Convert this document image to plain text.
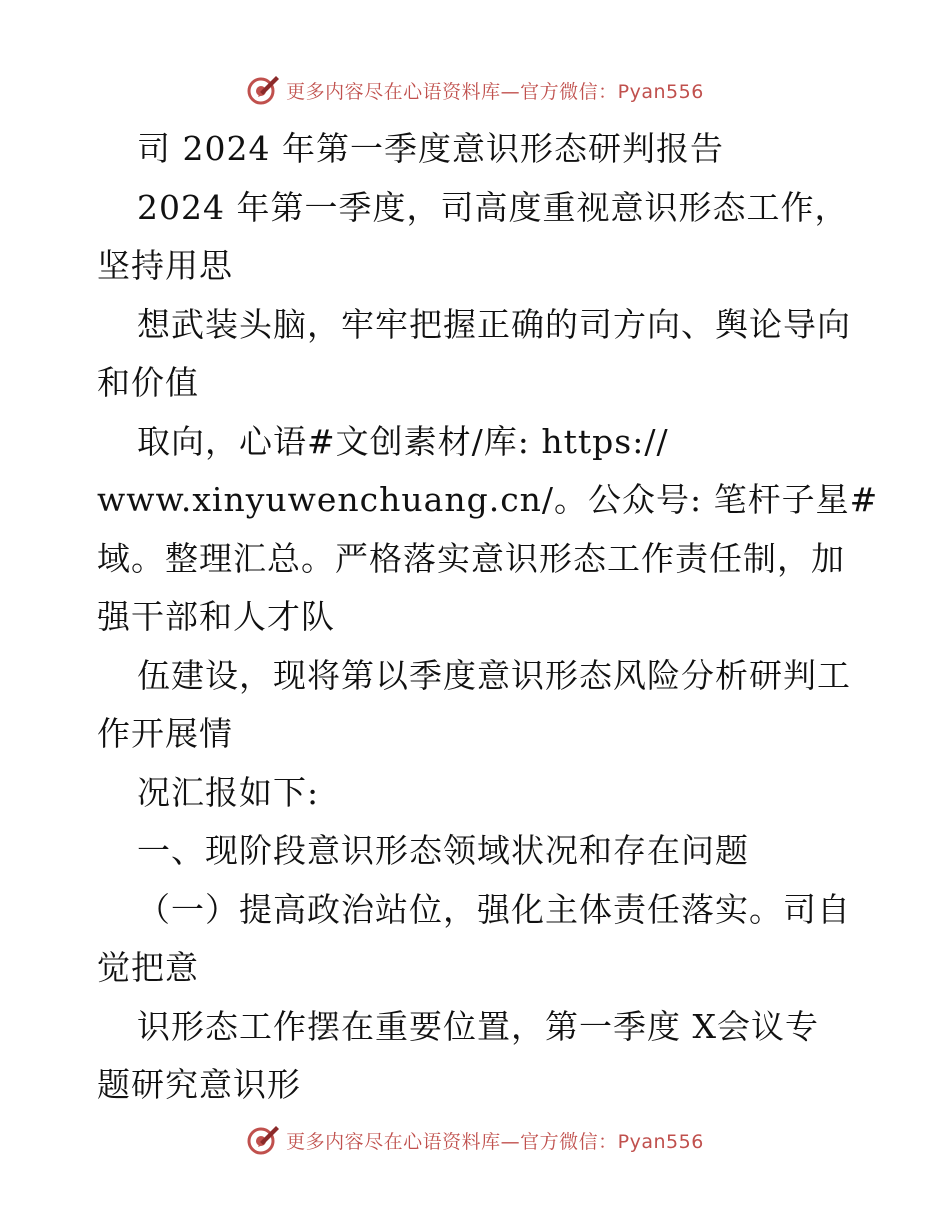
更多内容尽在心语资料库—官方微信：Pyan556
司 2024 年第一季度意识形态研判报告
2024 年第一季度，司高度重视意识形态工作，
坚持用思
想武装头脑，牢牢把握正确的司方向、舆论导向
和价值
取向，心语#文创素材/库: https://
www.xinyuwenchuang.cn/。公众号: 笔杆子星#
域。整理汇总。严格落实意识形态工作责任制，加
强干部和人才队
伍建设，现将第以季度意识形态风险分析研判工
作开展情
况汇报如下:
一、现阶段意识形态领域状况和存在问题
（一）提高政治站位，强化主体责任落实。司自
觉把意
识形态工作摆在重要位置，第一季度 X会议专
题研究意识形
更多内容尽在心语资料库—官方微信：Pyan556
